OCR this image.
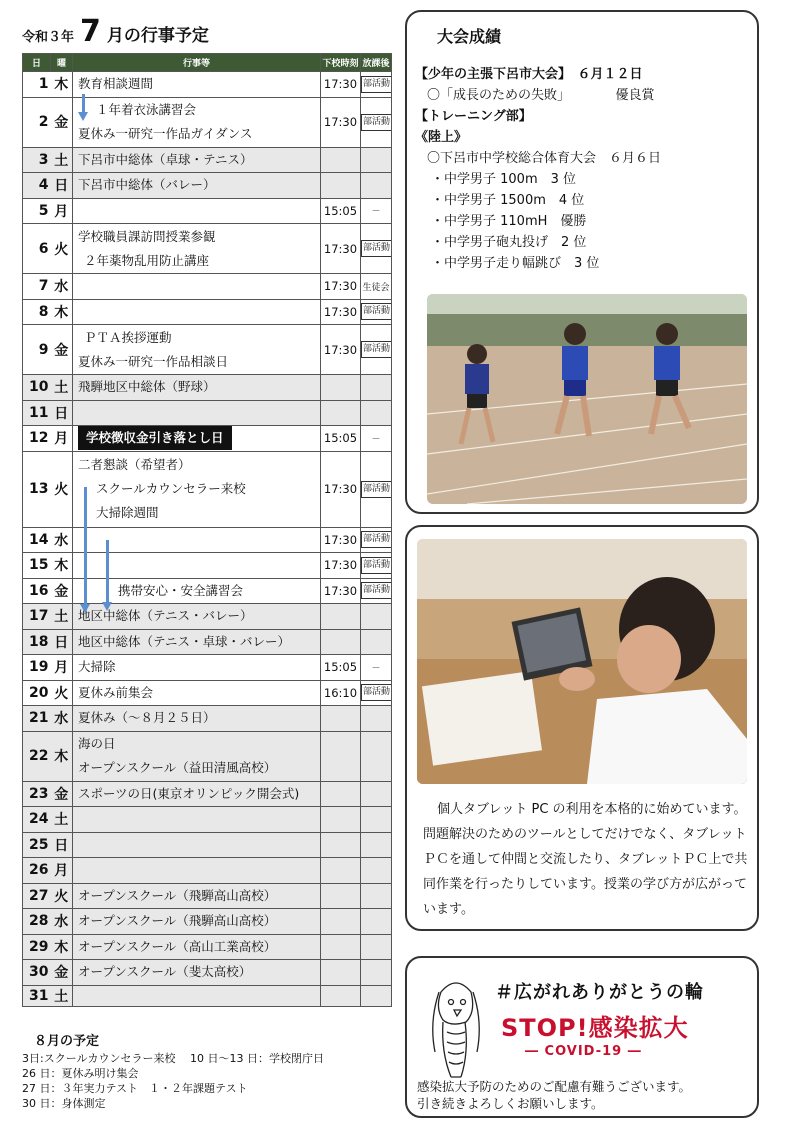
令和３年 7 月の行事予定
日	曜	行事等	下校時刻	放課後
1	木	教育相談週間	17:30	部活動
2	金	１年着衣泳講習会
夏休み一研究一作品ガイダンス	17:30	部活動
3	土	下呂市中総体（卓球・テニス）		

4	日	下呂市中総体（バレー）		

5	月		15:05	－
6	火	学校職員課訪問授業参観
２年薬物乱用防止講座	17:30	部活動
7	水		17:30	生徒会
8	木		17:30	部活動
9	金	ＰＴＡ挨拶運動
夏休み一研究一作品相談日	17:30	部活動
10	土	飛騨地区中総体（野球）		

11	日	

12	月	学校徴収金引き落とし日	15:05	－
13	火	二者懇談（希望者）
スクールカウンセラー来校
大掃除週間	17:30	部活動
14	水		17:30	部活動
15	木		17:30	部活動
16	金	携帯安心・安全講習会	17:30	部活動
17	土	地区中総体（テニス・バレー）		

18	日	地区中総体（テニス・卓球・バレー）		

19	月	大掃除	15:05	－
20	火	夏休み前集会	16:10	部活動
21	水	夏休み（～８月２５日）		

22	木	海の日
オープンスクール（益田清風高校）		

23	金	スポーツの日(東京オリンピック開会式)		

24	土	

25	日	

26	月	

27	火	オープンスクール（飛騨高山高校）		

28	水	オープンスクール（飛騨高山高校）		

29	木	オープンスクール（高山工業高校）		

30	金	オープンスクール（斐太高校）		

31	土	

８月の予定
3日:スクールカウンセラー来校　 10 日～13 日：学校閉庁日
26 日：夏休み明け集会
27 日：３年実力テスト　１・２年課題テスト
30 日：身体測定
大会成績
【少年の主張下呂市大会】　６月１２日
〇「成長のための失敗」　　　　優良賞
【トレーニング部】
《陸上》
〇下呂市中学校総合体育大会　６月６日
・中学男子 100m　3 位
・中学男子 1500m　4 位
・中学男子 110mH　優勝
・中学男子砲丸投げ　2 位
・中学男子走り幅跳び　3 位
個人タブレット PC の利用を本格的に始めています。問題解決のためのツールとしてだけでなく、タブレットＰＣを通して仲間と交流したり、タブレットＰＣ上で共同作業を行ったりしています。授業の学び方が広がっています。
＃広がれありがとうの輪
STOP!感染拡大
― COVID-19 ―
感染拡大予防のためのご配慮有難うございます。
引き続きよろしくお願いします。
